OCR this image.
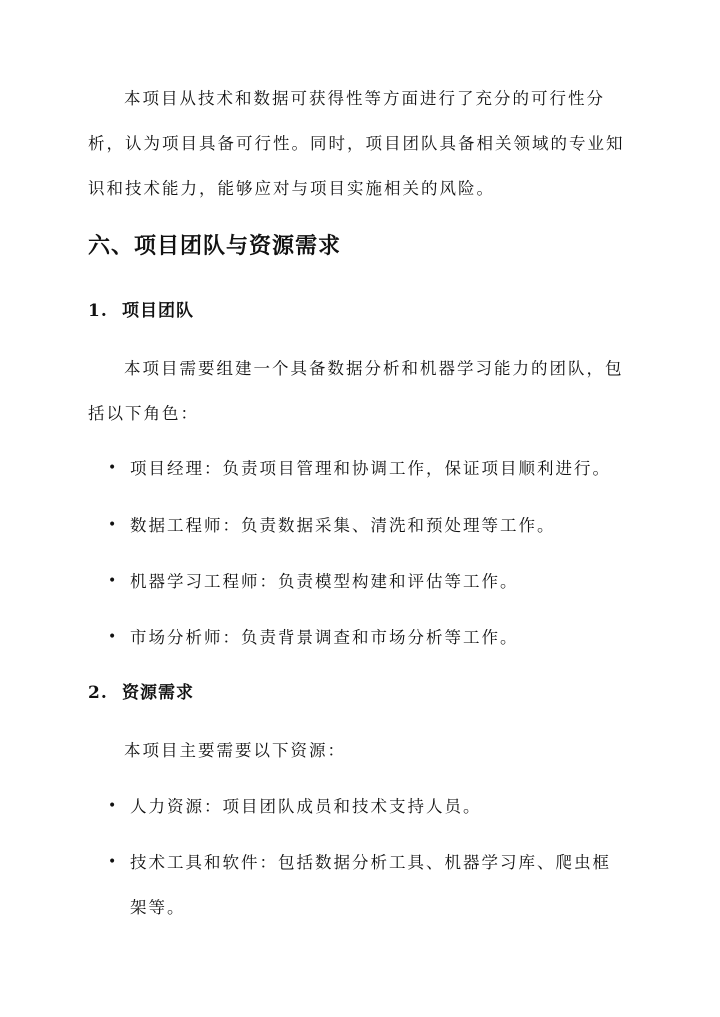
本项目从技术和数据可获得性等方面进行了充分的可行性分析，认为项目具备可行性。同时，项目团队具备相关领域的专业知识和技术能力，能够应对与项目实施相关的风险。

六、项目团队与资源需求
1. 项目团队

本项目需要组建一个具备数据分析和机器学习能力的团队，包括以下角色：

• 项目经理：负责项目管理和协调工作，保证项目顺利进行。
• 数据工程师：负责数据采集、清洗和预处理等工作。
• 机器学习工程师：负责模型构建和评估等工作。
• 市场分析师：负责背景调查和市场分析等工作。
2. 资源需求

本项目主要需要以下资源：

• 人力资源：项目团队成员和技术支持人员。
• 技术工具和软件：包括数据分析工具、机器学习库、爬虫框架等。
